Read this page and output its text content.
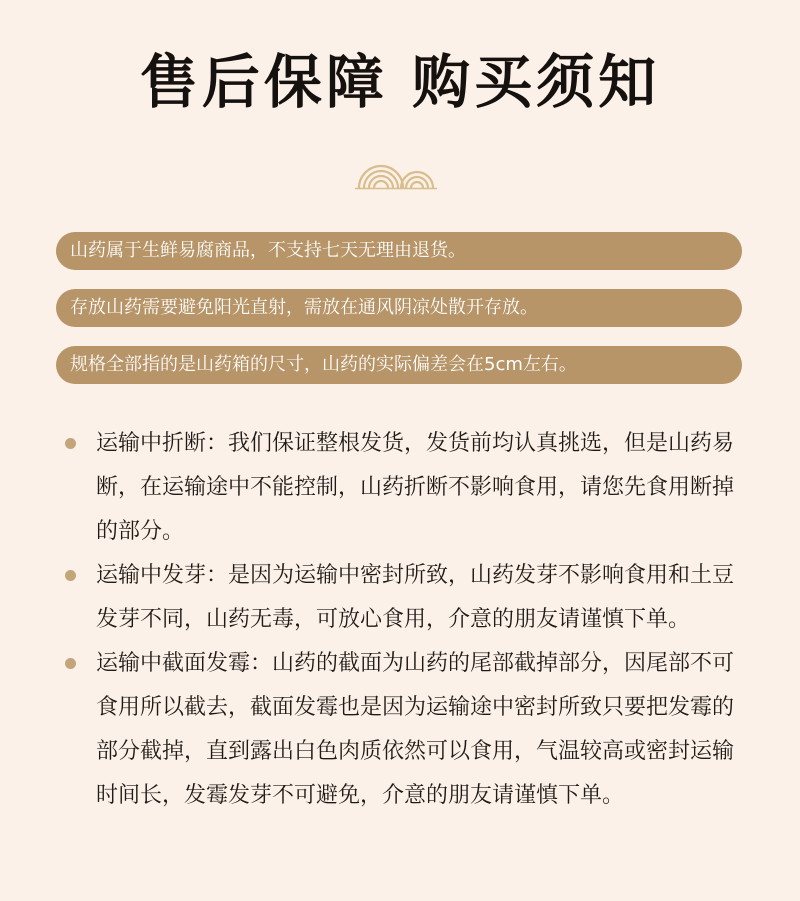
售后保障 购买须知
山药属于生鲜易腐商品，不支持七天无理由退货。
存放山药需要避免阳光直射，需放在通风阴凉处散开存放。
规格全部指的是山药箱的尺寸，山药的实际偏差会在5cm左右。
运输中折断：我们保证整根发货，发货前均认真挑选，但是山药易断，在运输途中不能控制，山药折断不影响食用，请您先食用断掉的部分。
运输中发芽：是因为运输中密封所致，山药发芽不影响食用和土豆发芽不同，山药无毒，可放心食用，介意的朋友请谨慎下单。
运输中截面发霉：山药的截面为山药的尾部截掉部分，因尾部不可食用所以截去，截面发霉也是因为运输途中密封所致只要把发霉的部分截掉，直到露出白色肉质依然可以食用，气温较高或密封运输时间长，发霉发芽不可避免，介意的朋友请谨慎下单。
